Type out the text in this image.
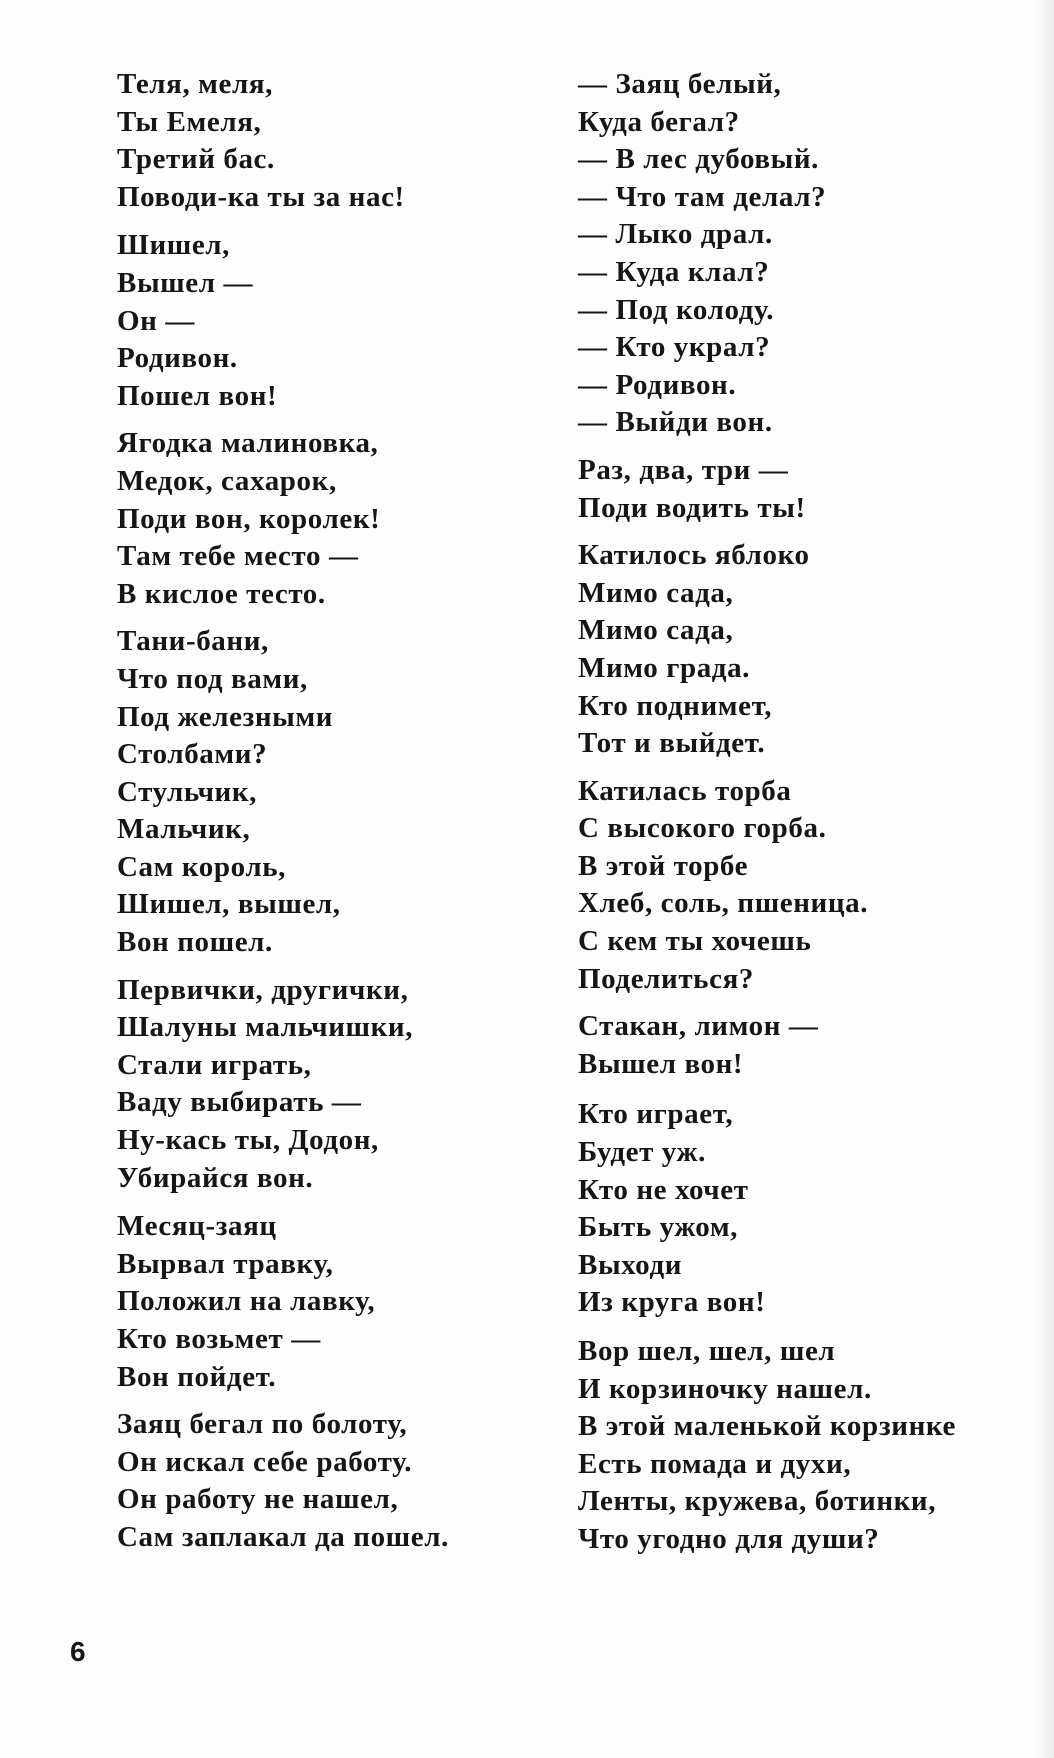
Теля, меля,
Ты Емеля,
Третий бас.
Поводи-ка ты за нас!
Шишел,
Вышел —
Он —
Родивон.
Пошел вон!
Ягодка малиновка,
Медок, сахарок,
Поди вон, королек!
Там тебе место —
В кислое тесто.
Тани-бани,
Что под вами,
Под железными
Столбами?
Стульчик,
Мальчик,
Сам король,
Шишел, вышел,
Вон пошел.
Первички, другички,
Шалуны мальчишки,
Стали играть,
Ваду выбирать —
Ну-кась ты, Додон,
Убирайся вон.
Месяц-заяц
Вырвал травку,
Положил на лавку,
Кто возьмет —
Вон пойдет.
Заяц бегал по болоту,
Он искал себе работу.
Он работу не нашел,
Сам заплакал да пошел.
— Заяц белый,
Куда бегал?
— В лес дубовый.
— Что там делал?
— Лыко драл.
— Куда клал?
— Под колоду.
— Кто украл?
— Родивон.
— Выйди вон.
Раз, два, три —
Поди водить ты!
Катилось яблоко
Мимо сада,
Мимо сада,
Мимо града.
Кто поднимет,
Тот и выйдет.
Катилась торба
С высокого горба.
В этой торбе
Хлеб, соль, пшеница.
С кем ты хочешь
Поделиться?
Стакан, лимон —
Вышел вон!
Кто играет,
Будет уж.
Кто не хочет
Быть ужом,
Выходи
Из круга вон!
Вор шел, шел, шел
И корзиночку нашел.
В этой маленькой корзинке
Есть помада и духи,
Ленты, кружева, ботинки,
Что угодно для души?
6
